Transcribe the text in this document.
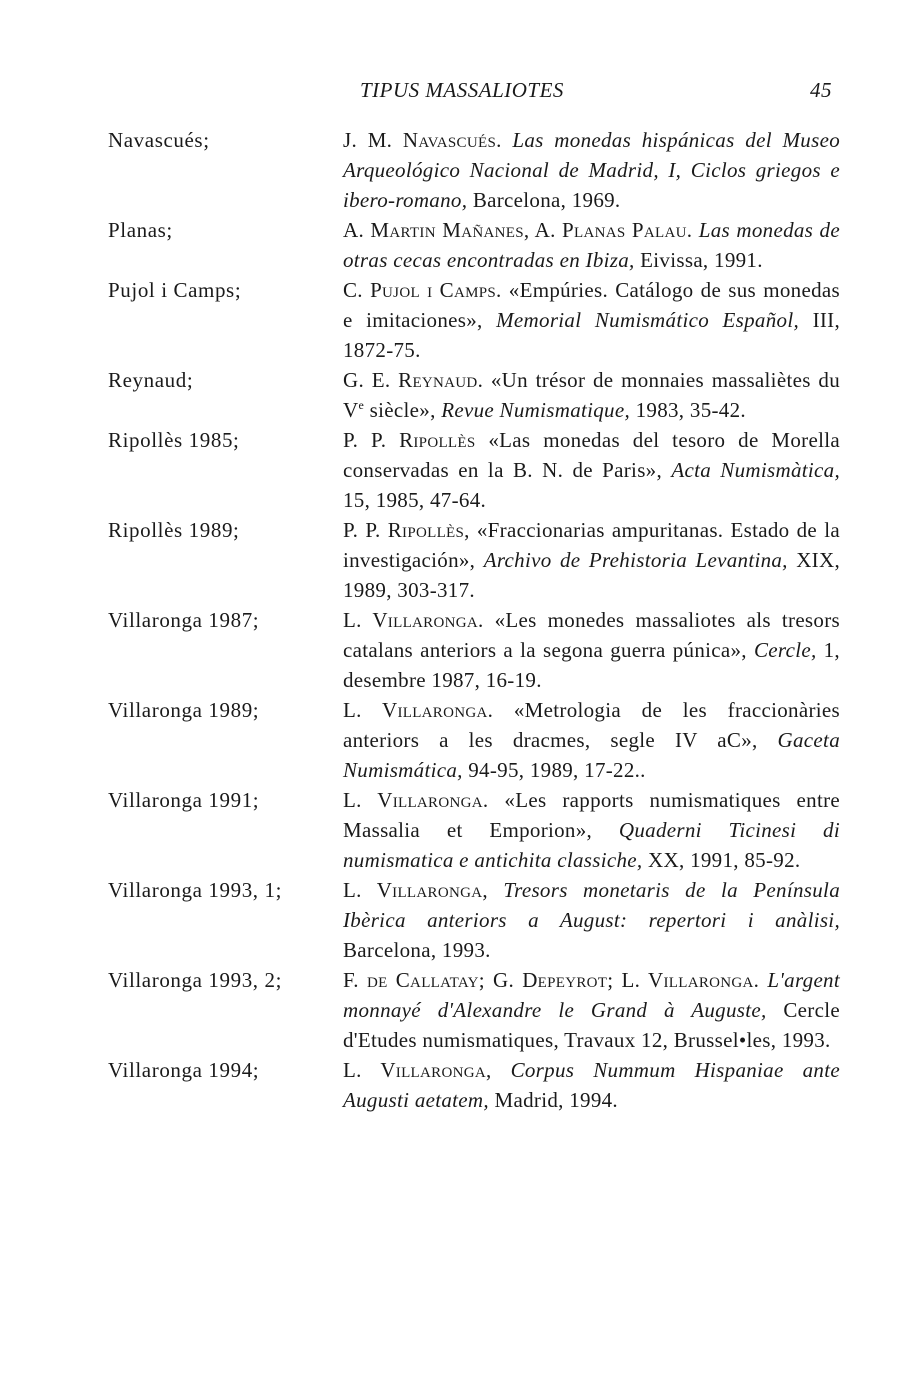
TIPUS MASSALIOTES	45
Navascués;	J. M. Navascués. Las monedas hispánicas del Museo Arqueológico Nacional de Madrid, I, Ciclos griegos e ibero-romano, Barcelona, 1969.
Planas;	A. Martin Mañanes, A. Planas Palau. Las monedas de otras cecas encontradas en Ibiza, Eivissa, 1991.
Pujol i Camps;	C. Pujol i Camps. «Empúries. Catálogo de sus monedas e imitaciones», Memorial Numismático Español, III, 1872-75.
Reynaud;	G. E. Reynaud. «Un trésor de monnaies massaliètes du Ve siècle», Revue Numismatique, 1983, 35-42.
Ripollès 1985;	P. P. Ripollès «Las monedas del tesoro de Morella conservadas en la B. N. de Paris», Acta Numismàtica, 15, 1985, 47-64.
Ripollès 1989;	P. P. Ripollès, «Fraccionarias ampuritanas. Estado de la investigación», Archivo de Prehistoria Levantina, XIX, 1989, 303-317.
Villaronga 1987;	L. Villaronga. «Les monedes massaliotes als tresors catalans anteriors a la segona guerra púnica», Cercle, 1, desembre 1987, 16-19.
Villaronga 1989;	L. Villaronga. «Metrologia de les fraccionàries anteriors a les dracmes, segle IV aC», Gaceta Numismática, 94-95, 1989, 17-22..
Villaronga 1991;	L. Villaronga. «Les rapports numismatiques entre Massalia et Emporion», Quaderni Ticinesi di numismatica e antichita classiche, XX, 1991, 85-92.
Villaronga 1993, 1;	L. Villaronga, Tresors monetaris de la Península Ibèrica anteriors a August: repertori i anàlisi, Barcelona, 1993.
Villaronga 1993, 2;	F. de Callatay; G. Depeyrot; L. Villaronga. L'argent monnayé d'Alexandre le Grand à Auguste, Cercle d'Etudes numismatiques, Travaux 12, Brussel•les, 1993.
Villaronga 1994;	L. Villaronga, Corpus Nummum Hispaniae ante Augusti aetatem, Madrid, 1994.
